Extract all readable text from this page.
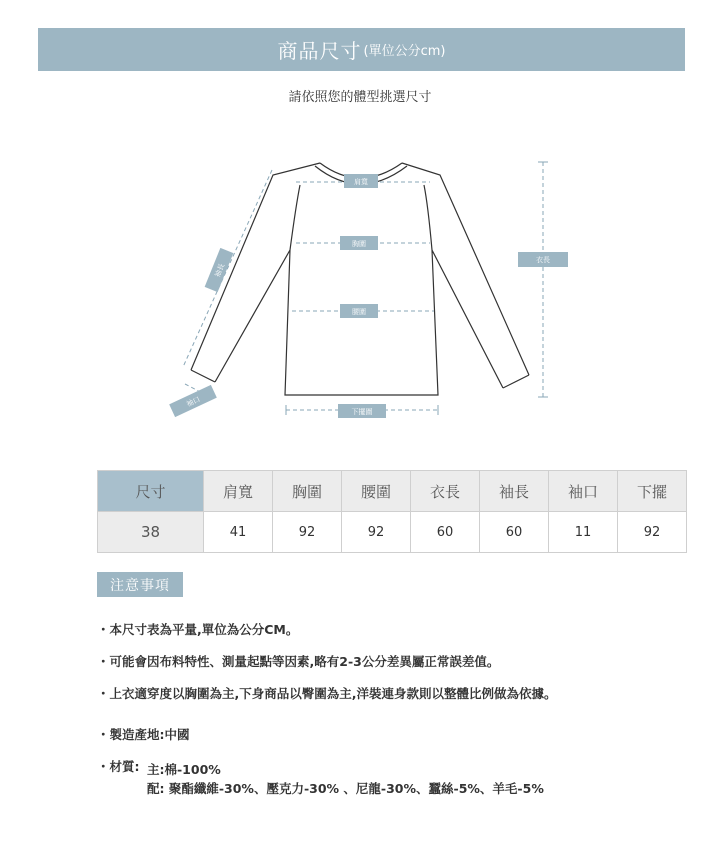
商品尺寸 (單位公分cm)
請依照您的體型挑選尺寸
肩寬
胸圍
腰圍
衣長
下擺圍
袖長
袖口
尺寸	肩寬	胸圍	腰圍	衣長	袖長	袖口	下擺
38	41	92	92	60	60	11	92
注意事項
・本尺寸表為平量,單位為公分CM。
・可能會因布料特性、測量起點等因素,略有2-3公分差異屬正常誤差值。
・上衣適穿度以胸圍為主,下身商品以臀圍為主,洋裝連身款則以整體比例做為依據。
・製造產地:中國
・材質: 主:棉-100%
配: 聚酯纖維-30%、壓克力-30% 、尼龍-30%、蠶絲-5%、羊毛-5%
